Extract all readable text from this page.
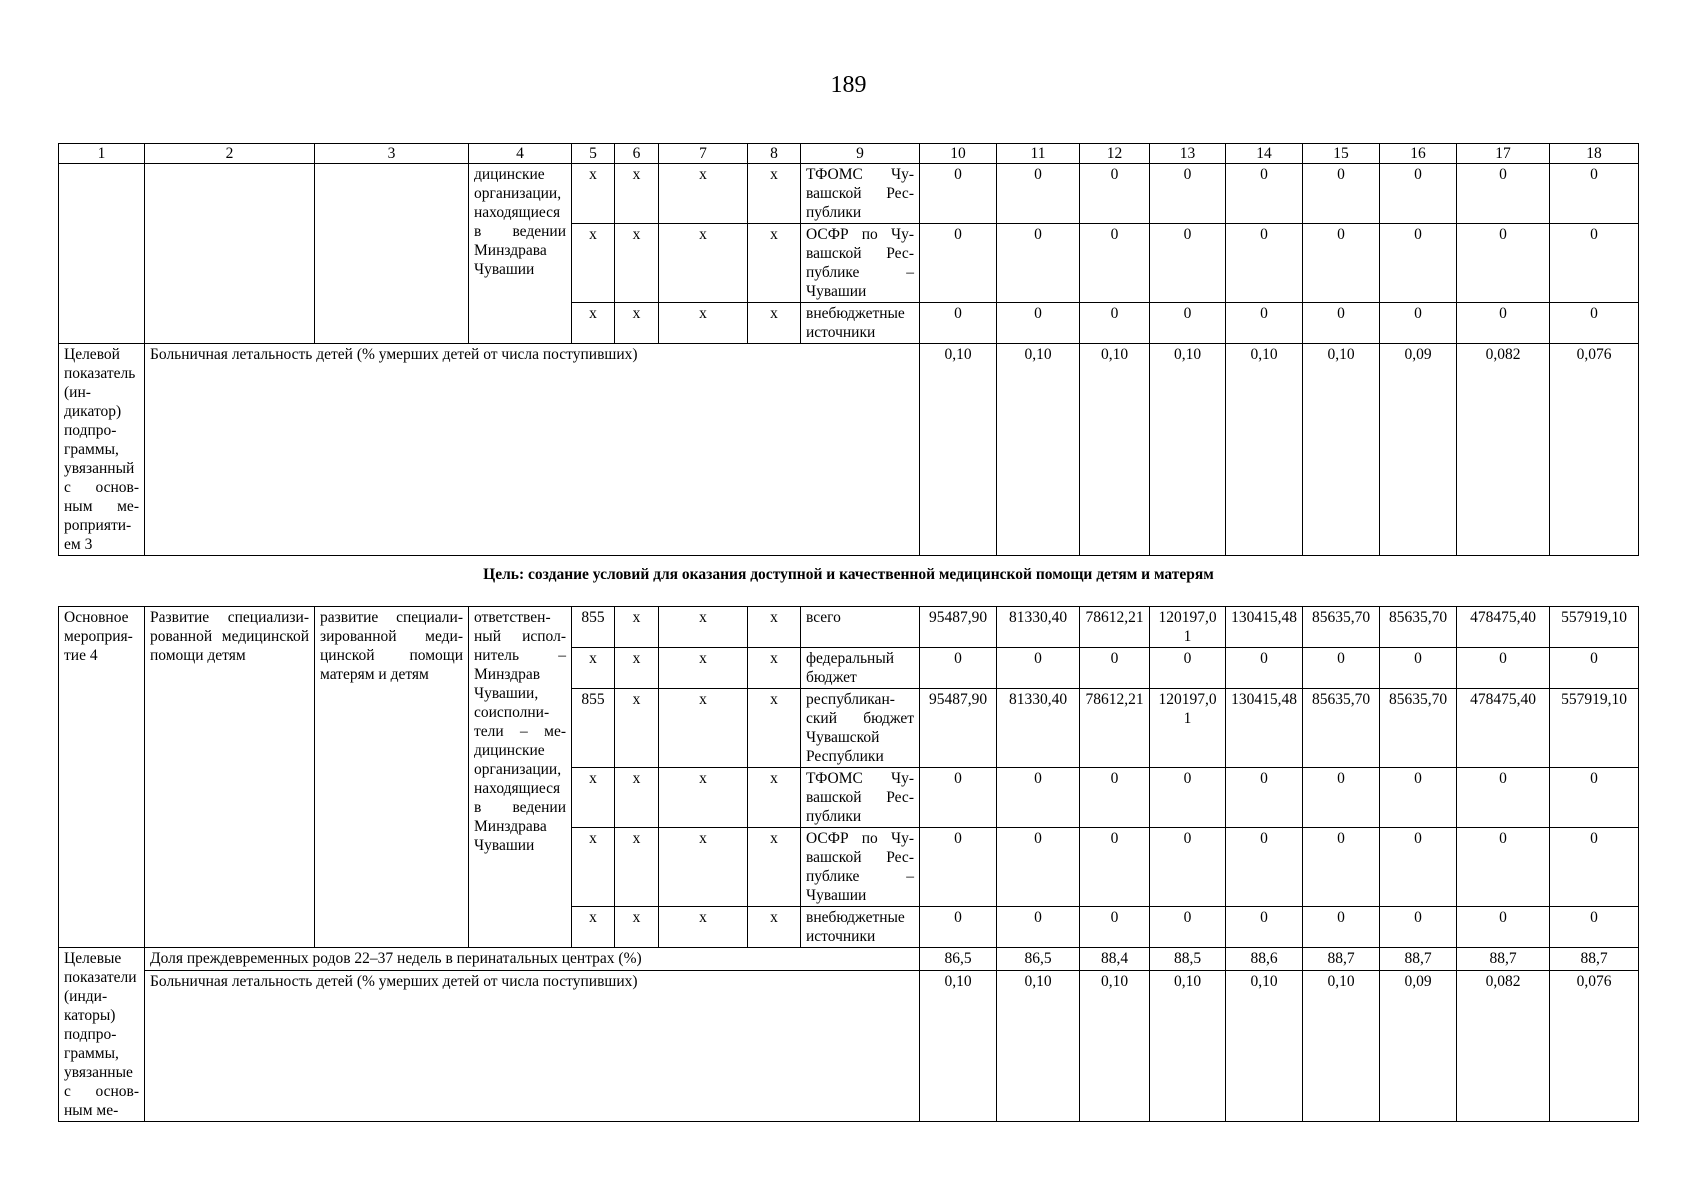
189
1	2	3	4	5	6	7	8	9	10	11	12	13	14	15	16	17	18
			дицинские организации, находящиеся в ведении Минздрава Чувашии	х	х	х	х	ТФОМС Чувашской Республики	0	0	0	0	0	0	0	0	0
				х	х	х	х	ОСФР по Чувашской Республике – Чувашии	0	0	0	0	0	0	0	0	0
				х	х	х	х	внебюджетные источники	0	0	0	0	0	0	0	0	0
Целевой показатель (индикатор) подпрограммы, увязанный с основным мероприятием 3	Больничная летальность детей (% умерших детей от числа поступивших)								0,10	0,10	0,10	0,10	0,10	0,10	0,09	0,082	0,076
Цель: создание условий для оказания доступной и качественной медицинской помощи детям и матерям
Основное мероприятие 4	Развитие специализированной медицинской помощи детям	развитие специализированной медицинской помощи матерям и детям	ответственный исполнитель – Минздрав Чувашии, соисполнители – медицинские организации, находящиеся в ведении Минздрава Чувашии	855	х	х	х	всего	95487,90	81330,40	78612,21	120197,01	130415,48	85635,70	85635,70	478475,40	557919,10
				х	х	х	х	федеральный бюджет	0	0	0	0	0	0	0	0	0
				855	х	х	х	республиканский бюджет Чувашской Республики	95487,90	81330,40	78612,21	120197,01	130415,48	85635,70	85635,70	478475,40	557919,10
				х	х	х	х	ТФОМС Чувашской Республики	0	0	0	0	0	0	0	0	0
				х	х	х	х	ОСФР по Чувашской Республике – Чувашии	0	0	0	0	0	0	0	0	0
				х	х	х	х	внебюджетные источники	0	0	0	0	0	0	0	0	0
Целевые показатели (индикаторы) подпрограммы, увязанные с основным ме-	Доля преждевременных родов 22–37 недель в перинатальных центрах (%)								86,5	86,5	88,4	88,5	88,6	88,7	88,7	88,7	88,7
	Больничная летальность детей (% умерших детей от числа поступивших)								0,10	0,10	0,10	0,10	0,10	0,10	0,09	0,082	0,076
